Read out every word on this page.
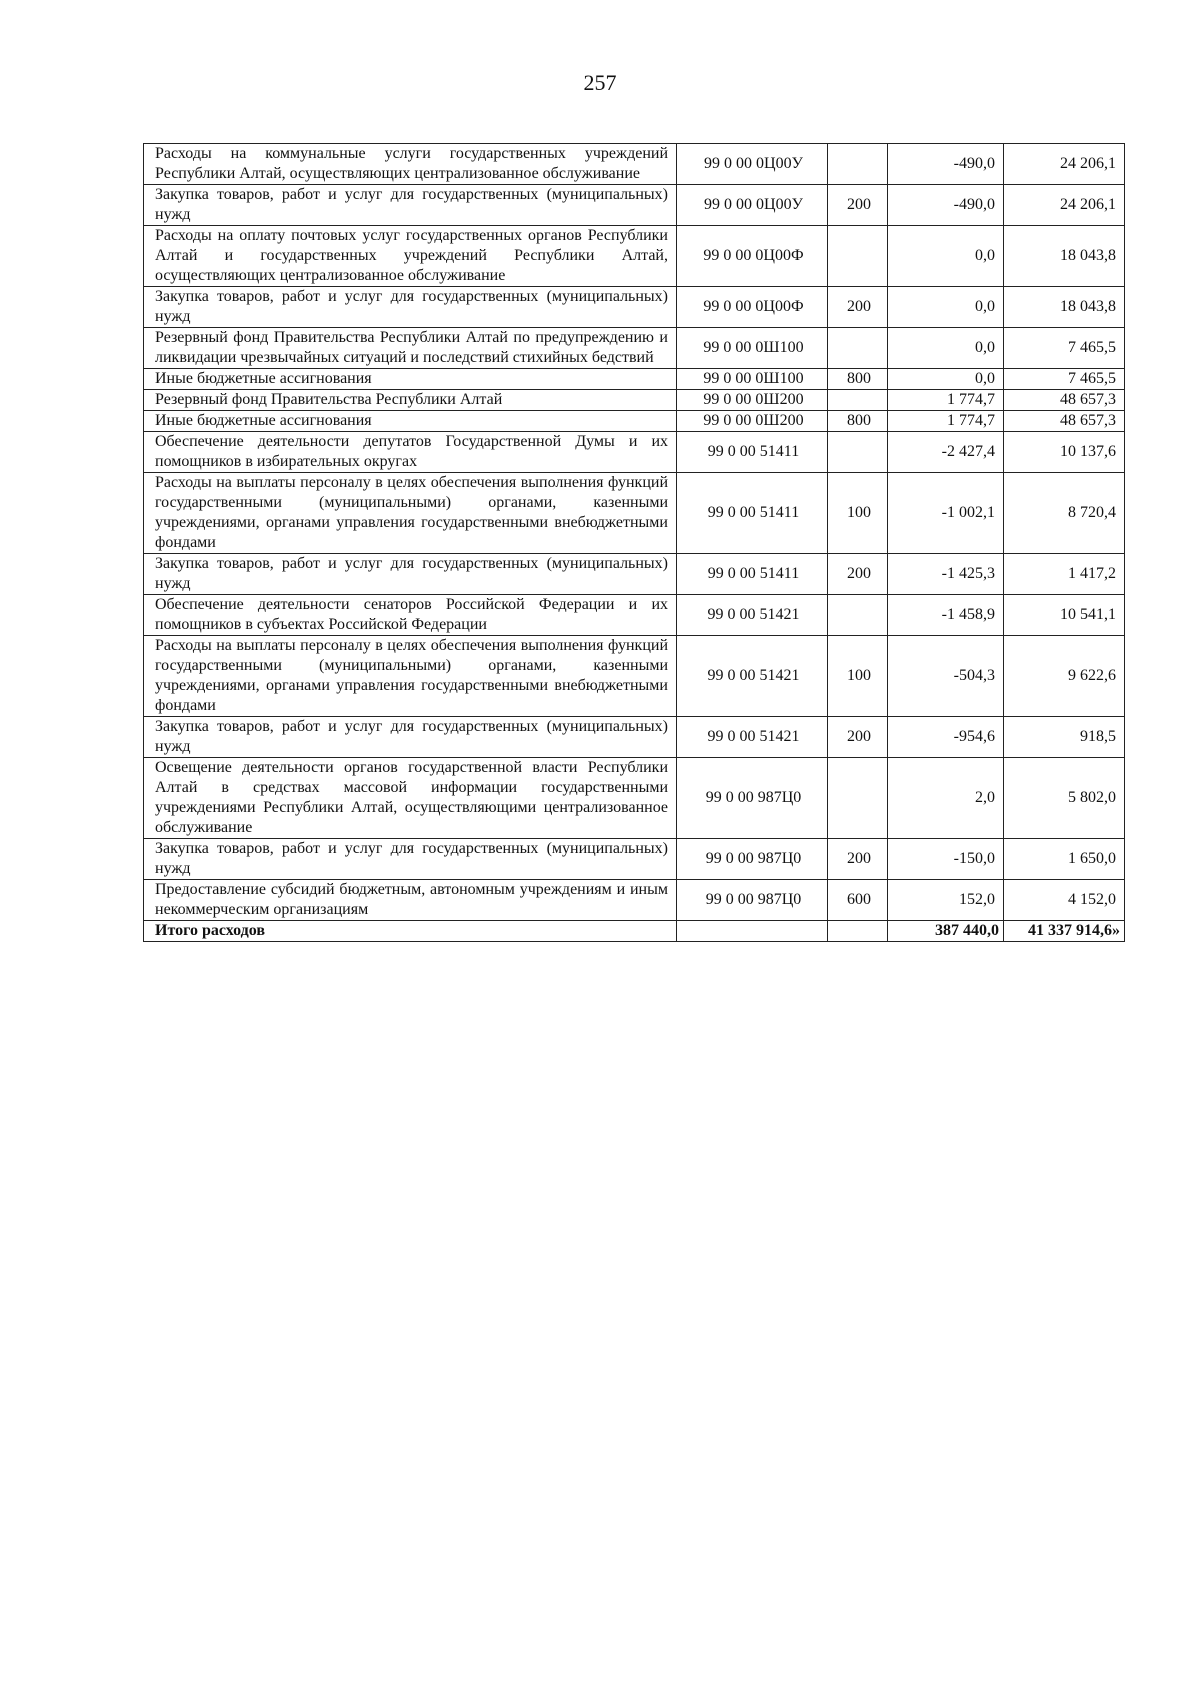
257
Расходы на коммунальные услуги государственных учреждений Республики Алтай, осуществляющих централизованное обслуживание	99 0 00 0Ц00У		-490,0	24 206,1
Закупка товаров, работ и услуг для государственных (муниципальных) нужд	99 0 00 0Ц00У	200	-490,0	24 206,1
Расходы на оплату почтовых услуг государственных органов Республики Алтай и государственных учреждений Республики Алтай, осуществляющих централизованное обслуживание	99 0 00 0Ц00Ф		0,0	18 043,8
Закупка товаров, работ и услуг для государственных (муниципальных) нужд	99 0 00 0Ц00Ф	200	0,0	18 043,8
Резервный фонд Правительства Республики Алтай по предупреждению и ликвидации чрезвычайных ситуаций и последствий стихийных бедствий	99 0 00 0Ш100		0,0	7 465,5
Иные бюджетные ассигнования	99 0 00 0Ш100	800	0,0	7 465,5
Резервный фонд Правительства Республики Алтай	99 0 00 0Ш200		1 774,7	48 657,3
Иные бюджетные ассигнования	99 0 00 0Ш200	800	1 774,7	48 657,3
Обеспечение деятельности депутатов Государственной Думы и их помощников в избирательных округах	99 0 00 51411		-2 427,4	10 137,6
Расходы на выплаты персоналу в целях обеспечения выполнения функций государственными (муниципальными) органами, казенными учреждениями, органами управления государственными внебюджетными фондами	99 0 00 51411	100	-1 002,1	8 720,4
Закупка товаров, работ и услуг для государственных (муниципальных) нужд	99 0 00 51411	200	-1 425,3	1 417,2
Обеспечение деятельности сенаторов Российской Федерации и их помощников в субъектах Российской Федерации	99 0 00 51421		-1 458,9	10 541,1
Расходы на выплаты персоналу в целях обеспечения выполнения функций государственными (муниципальными) органами, казенными учреждениями, органами управления государственными внебюджетными фондами	99 0 00 51421	100	-504,3	9 622,6
Закупка товаров, работ и услуг для государственных (муниципальных) нужд	99 0 00 51421	200	-954,6	918,5
Освещение деятельности органов государственной власти Республики Алтай в средствах массовой информации государственными учреждениями Республики Алтай, осуществляющими централизованное обслуживание	99 0 00 987Ц0		2,0	5 802,0
Закупка товаров, работ и услуг для государственных (муниципальных) нужд	99 0 00 987Ц0	200	-150,0	1 650,0
Предоставление субсидий бюджетным, автономным учреждениям и иным некоммерческим организациям	99 0 00 987Ц0	600	152,0	4 152,0
Итого расходов			387 440,0	41 337 914,6»
